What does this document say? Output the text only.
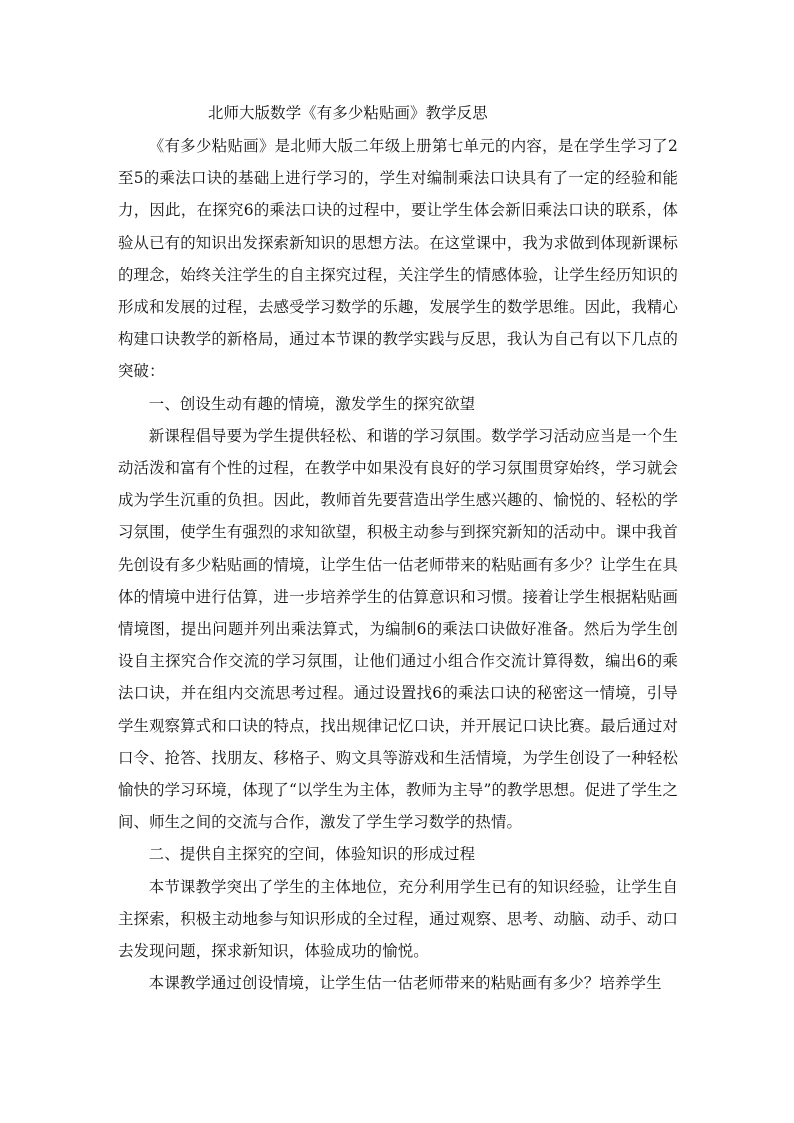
北师大版数学《有多少粘贴画》教学反思

《有多少粘贴画》是北师大版二年级上册第七单元的内容，是在学生学习了2至5的乘法口诀的基础上进行学习的，学生对编制乘法口诀具有了一定的经验和能力，因此，在探究6的乘法口诀的过程中，要让学生体会新旧乘法口诀的联系，体验从已有的知识出发探索新知识的思想方法。在这堂课中，我为求做到体现新课标的理念，始终关注学生的自主探究过程，关注学生的情感体验，让学生经历知识的形成和发展的过程，去感受学习数学的乐趣，发展学生的数学思维。因此，我精心构建口诀教学的新格局，通过本节课的教学实践与反思，我认为自己有以下几点的突破：

一、创设生动有趣的情境，激发学生的探究欲望

新课程倡导要为学生提供轻松、和谐的学习氛围。数学学习活动应当是一个生动活泼和富有个性的过程，在教学中如果没有良好的学习氛围贯穿始终，学习就会成为学生沉重的负担。因此，教师首先要营造出学生感兴趣的、愉悦的、轻松的学习氛围，使学生有强烈的求知欲望，积极主动参与到探究新知的活动中。课中我首先创设有多少粘贴画的情境，让学生估一估老师带来的粘贴画有多少？让学生在具体的情境中进行估算，进一步培养学生的估算意识和习惯。接着让学生根据粘贴画情境图，提出问题并列出乘法算式，为编制6的乘法口诀做好准备。然后为学生创设自主探究合作交流的学习氛围，让他们通过小组合作交流计算得数，编出6的乘法口诀，并在组内交流思考过程。通过设置找6的乘法口诀的秘密这一情境，引导学生观察算式和口诀的特点，找出规律记忆口诀，并开展记口诀比赛。最后通过对口令、抢答、找朋友、移格子、购文具等游戏和生活情境，为学生创设了一种轻松愉快的学习环境，体现了“以学生为主体，教师为主导”的教学思想。促进了学生之间、师生之间的交流与合作，激发了学生学习数学的热情。

二、提供自主探究的空间，体验知识的形成过程

本节课教学突出了学生的主体地位，充分利用学生已有的知识经验，让学生自主探索，积极主动地参与知识形成的全过程，通过观察、思考、动脑、动手、动口去发现问题，探求新知识，体验成功的愉悦。

本课教学通过创设情境，让学生估一估老师带来的粘贴画有多少？培养学生
